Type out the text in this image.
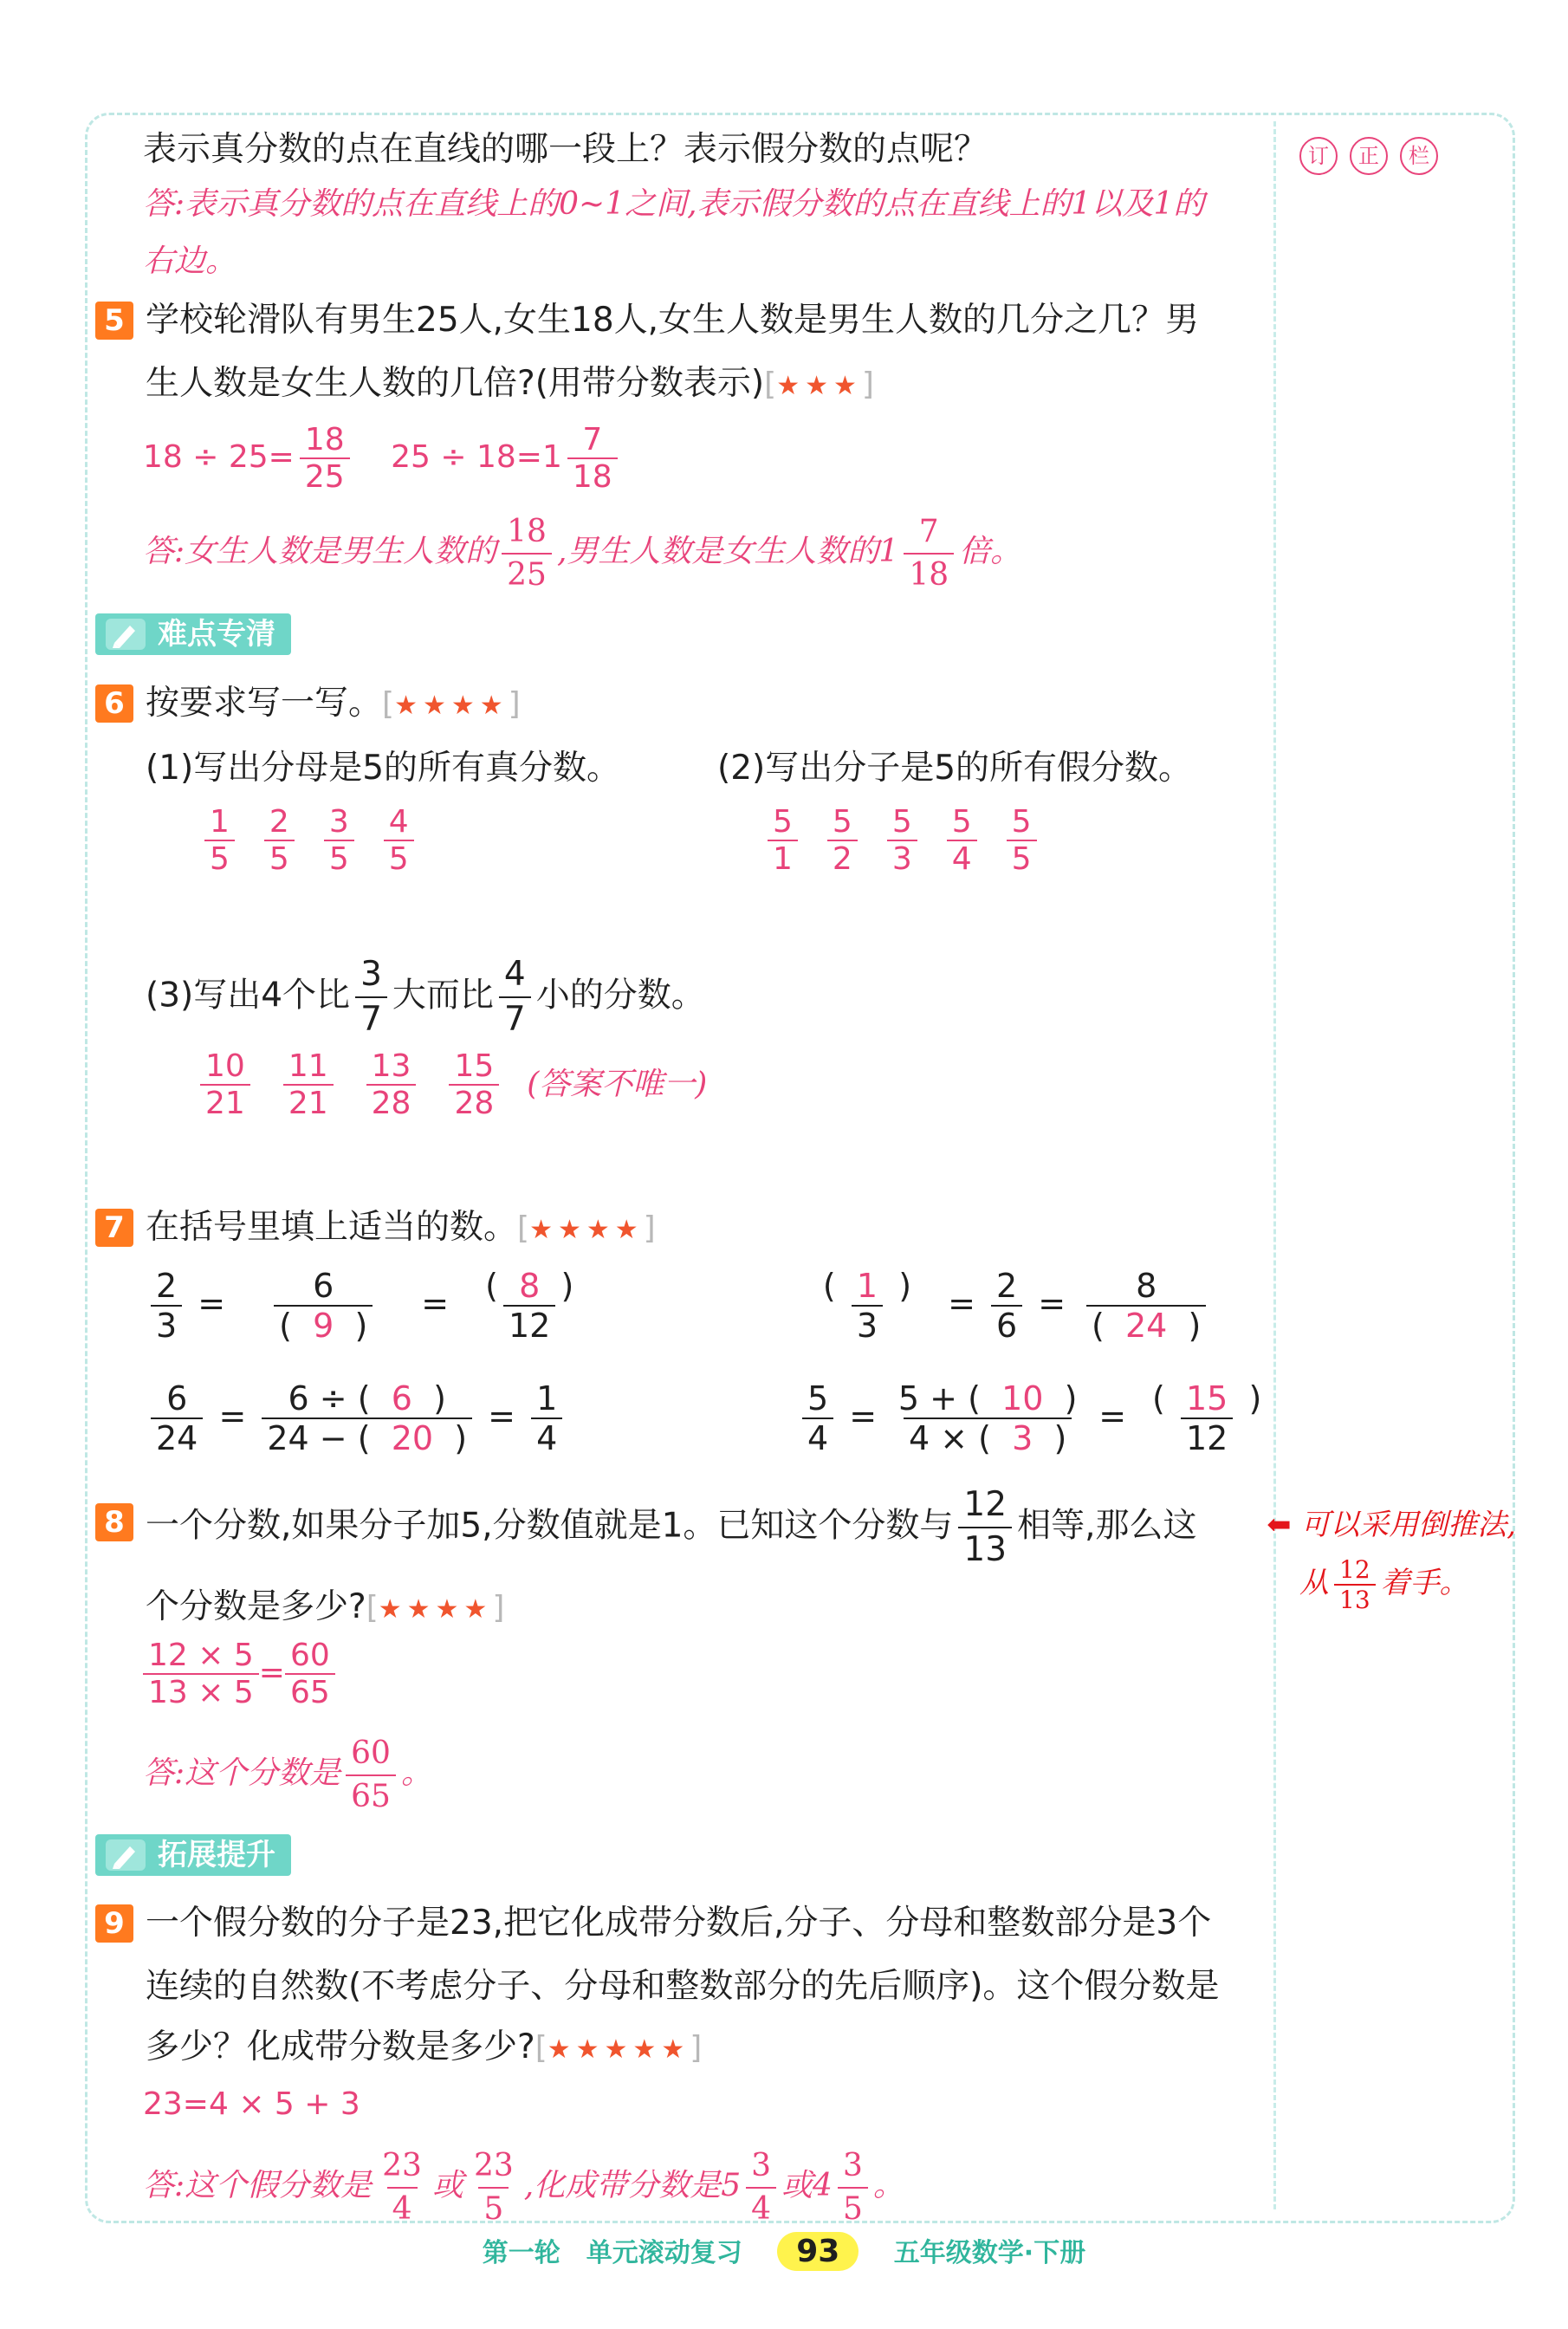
订	正	栏
表示真分数的点在直线的哪一段上？表示假分数的点呢？
答:表示真分数的点在直线上的0~1之间,表示假分数的点在直线上的1以及1的
右边。
5 学校轮滑队有男生25人,女生18人,女生人数是男生人数的几分之几？男
生人数是女生人数的几倍?(用带分数表示)[★★★]
$18 \div 25= \frac{18}{25} 25 \div 18=1 \frac{7}{18}$
答:女生人数是男生人数的 $\frac{18}{25}$ ,男生人数是女生人数的$1 \frac{7}{18}$ 倍。
难点专清
6 按要求写一写。[★★★★]
(1)写出分母是5的所有真分数。	(2)写出分子是5的所有假分数。
$\frac{1}{5} \frac{2}{5} \frac{3}{5} \frac{4}{5}$	$\frac{5}{1} \frac{5}{2} \frac{5}{3} \frac{5}{4} \frac{5}{5}$
(3)写出4个比 $\frac{3}{7}$ 大而比 $\frac{4}{7}$ 小的分数。
$\frac{10}{21} \frac{11}{21} \frac{13}{28} \frac{15}{28}$ (答案不唯一)
7 在括号里填上适当的数。[★★★★]
$\frac{2}{3} = \frac{6}{( 9 )} = \frac{( 8 )}{12}$	$\frac{( 1 )}{3} = \frac{2}{6} = \frac{8}{( 24 )}$
$\frac{6}{24} = \frac{6 \div ( 6 )}{24 - ( 20 )} = \frac{1}{4}$	$\frac{5}{4} = \frac{5 + ( 10 )}{4 \times ( 3 )} = \frac{( 15 )}{12}$
8 一个分数,如果分子加5,分数值就是1。已知这个分数与 $\frac{12}{13}$ 相等,那么这 ⬅ 可以采用倒推法,
从 $\frac{12}{13}$ 着手。
个分数是多少?[★★★★]
$\frac{12 \times 5}{13 \times 5} = \frac{60}{65}$
答:这个分数是 $\frac{60}{65}$ 。
拓展提升
9 一个假分数的分子是23,把它化成带分数后,分子、分母和整数部分是3个
连续的自然数(不考虑分子、分母和整数部分的先后顺序)。这个假分数是
多少？化成带分数是多少?[★★★★★]
23=4 × 5 + 3
答:这个假分数是 $\frac{23}{4}$ 或 $\frac{23}{5}$ ,化成带分数是$5 \frac{3}{4}$ 或$4 \frac{3}{5}$ 。
第一轮　单元滚动复习 93 五年级数学·下册
